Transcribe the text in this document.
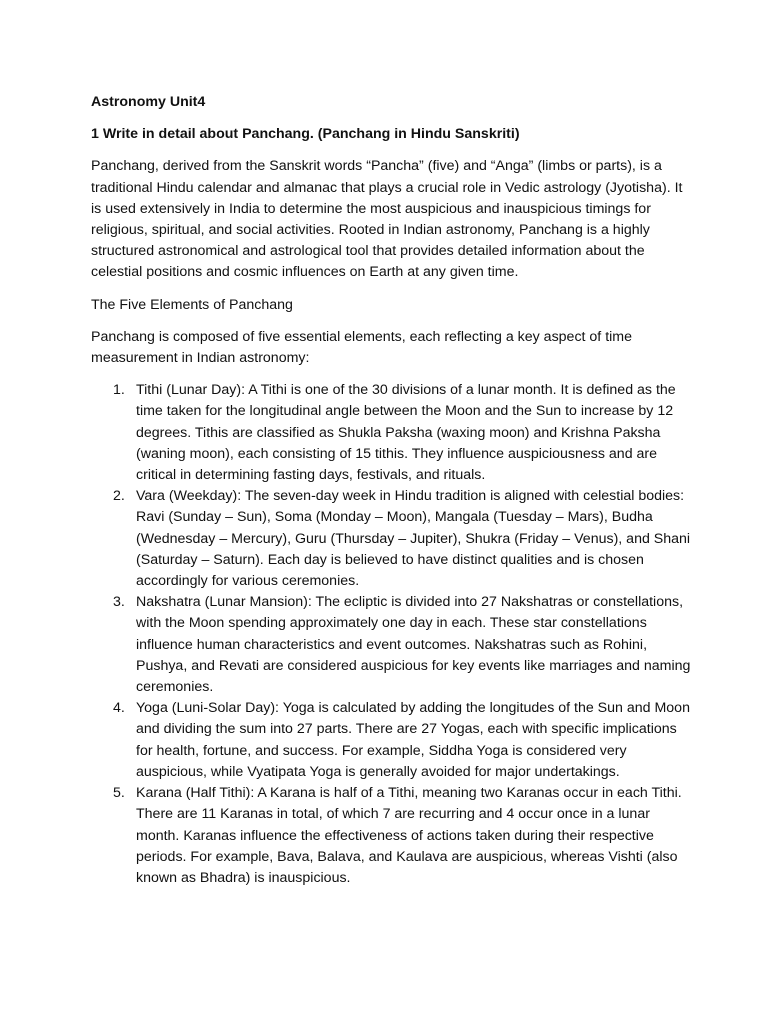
Astronomy Unit4

1 Write in detail about Panchang. (Panchang in Hindu Sanskriti)

Panchang, derived from the Sanskrit words “Pancha” (five) and “Anga” (limbs or parts), is a traditional Hindu calendar and almanac that plays a crucial role in Vedic astrology (Jyotisha). It is used extensively in India to determine the most auspicious and inauspicious timings for religious, spiritual, and social activities. Rooted in Indian astronomy, Panchang is a highly structured astronomical and astrological tool that provides detailed information about the celestial positions and cosmic influences on Earth at any given time.

The Five Elements of Panchang

Panchang is composed of five essential elements, each reflecting a key aspect of time measurement in Indian astronomy:

1. Tithi (Lunar Day): A Tithi is one of the 30 divisions of a lunar month. It is defined as the time taken for the longitudinal angle between the Moon and the Sun to increase by 12 degrees. Tithis are classified as Shukla Paksha (waxing moon) and Krishna Paksha (waning moon), each consisting of 15 tithis. They influence auspiciousness and are critical in determining fasting days, festivals, and rituals.
2. Vara (Weekday): The seven-day week in Hindu tradition is aligned with celestial bodies: Ravi (Sunday – Sun), Soma (Monday – Moon), Mangala (Tuesday – Mars), Budha (Wednesday – Mercury), Guru (Thursday – Jupiter), Shukra (Friday – Venus), and Shani (Saturday – Saturn). Each day is believed to have distinct qualities and is chosen accordingly for various ceremonies.
3. Nakshatra (Lunar Mansion): The ecliptic is divided into 27 Nakshatras or constellations, with the Moon spending approximately one day in each. These star constellations influence human characteristics and event outcomes. Nakshatras such as Rohini, Pushya, and Revati are considered auspicious for key events like marriages and naming ceremonies.
4. Yoga (Luni-Solar Day): Yoga is calculated by adding the longitudes of the Sun and Moon and dividing the sum into 27 parts. There are 27 Yogas, each with specific implications for health, fortune, and success. For example, Siddha Yoga is considered very auspicious, while Vyatipata Yoga is generally avoided for major undertakings.
5. Karana (Half Tithi): A Karana is half of a Tithi, meaning two Karanas occur in each Tithi. There are 11 Karanas in total, of which 7 are recurring and 4 occur once in a lunar month. Karanas influence the effectiveness of actions taken during their respective periods. For example, Bava, Balava, and Kaulava are auspicious, whereas Vishti (also known as Bhadra) is inauspicious.
